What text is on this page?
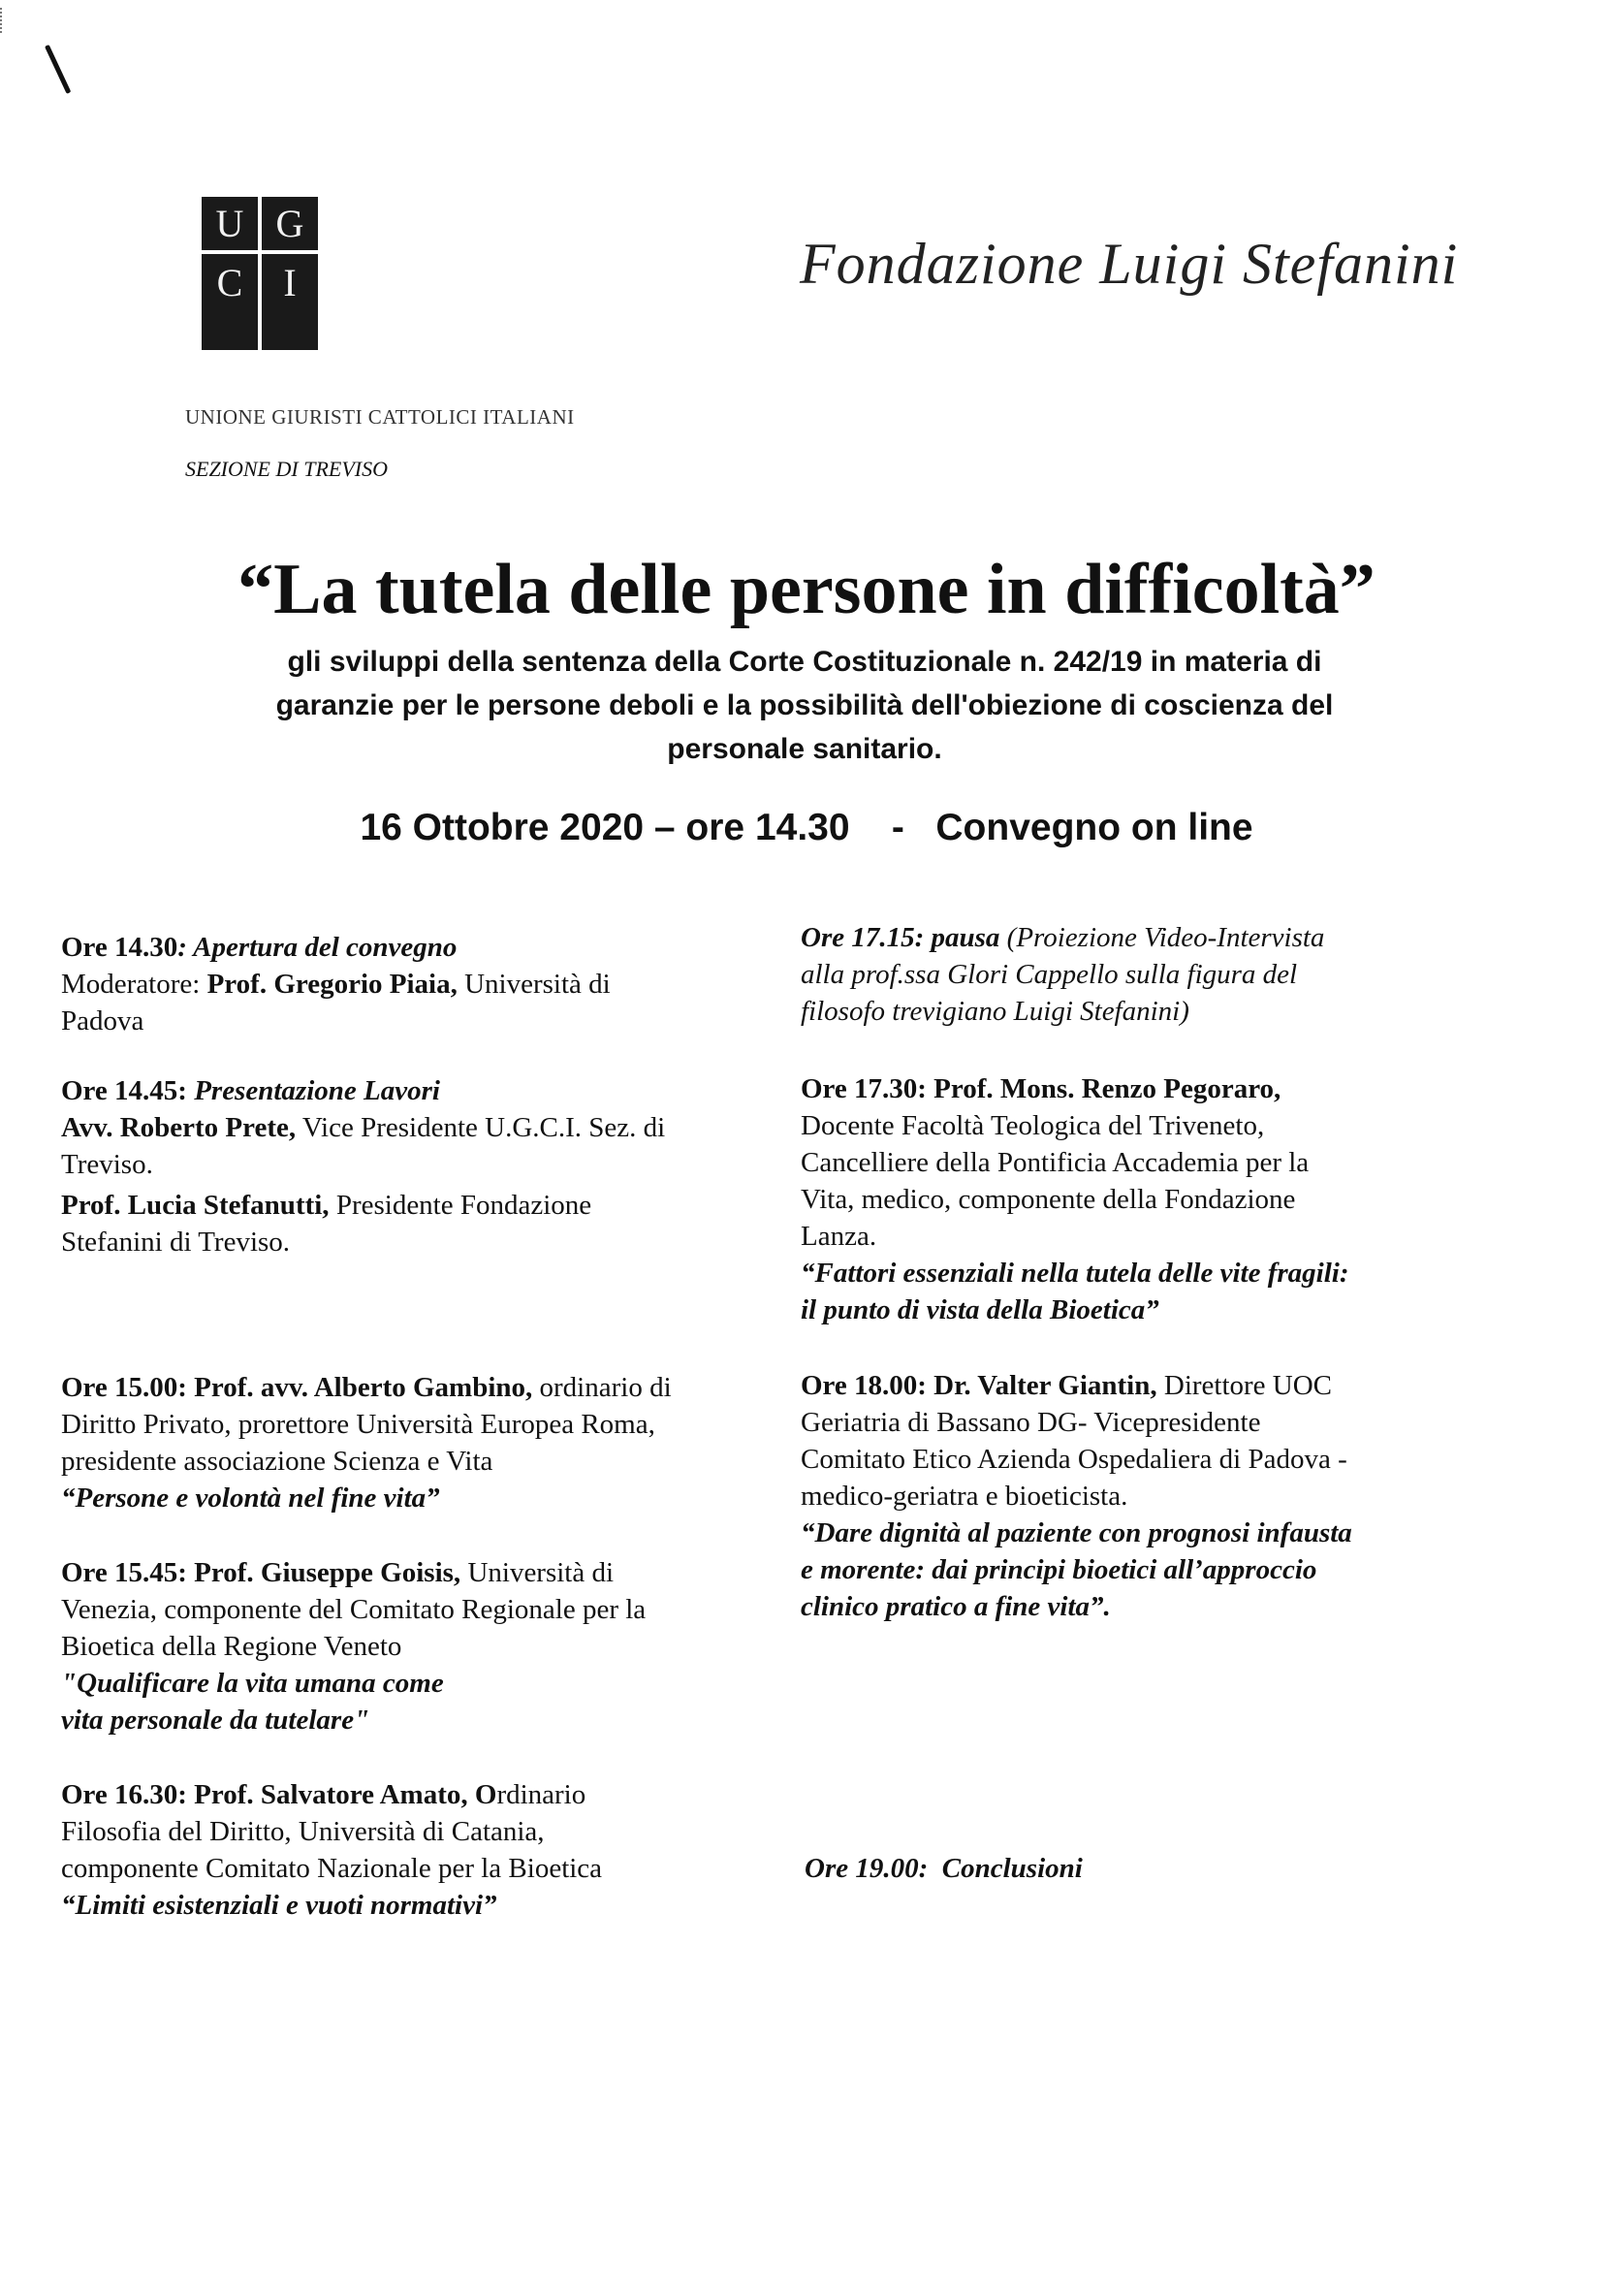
U G
C	I
UNIONE GIURISTI CATTOLICI ITALIANI
SEZIONE DI TREVISO
Fondazione Luigi Stefanini
“La tutela delle persone in difficoltà”
gli sviluppi della sentenza della Corte Costituzionale n. 242/19 in materia di
garanzie per le persone deboli e la possibilità dell'obiezione di coscienza del
personale sanitario.
16 Ottobre 2020 – ore 14.30    -   Convegno on line
Ore 14.30: Apertura del convegno
Moderatore: Prof. Gregorio Piaia, Università di
Padova
Ore 14.45: Presentazione Lavori
Avv. Roberto Prete, Vice Presidente U.G.C.I. Sez. di
Treviso.
Prof. Lucia Stefanutti, Presidente Fondazione
Stefanini di Treviso.
Ore 15.00: Prof. avv. Alberto Gambino, ordinario di
Diritto Privato, prorettore Università Europea Roma,
presidente associazione Scienza e Vita
“Persone e volontà nel fine vita”
Ore 15.45: Prof. Giuseppe Goisis, Università di
Venezia, componente del Comitato Regionale per la
Bioetica della Regione Veneto
"Qualificare la vita umana come
vita personale da tutelare"
Ore 16.30: Prof. Salvatore Amato, Ordinario
Filosofia del Diritto, Università di Catania,
componente Comitato Nazionale per la Bioetica
“Limiti esistenziali e vuoti normativi”
Ore 17.15: pausa (Proiezione Video-Intervista
alla prof.ssa Glori Cappello sulla figura del
filosofo trevigiano Luigi Stefanini)
Ore 17.30: Prof. Mons. Renzo Pegoraro,
Docente Facoltà Teologica del Triveneto,
Cancelliere della Pontificia Accademia per la
Vita, medico, componente della Fondazione
Lanza.
“Fattori essenziali nella tutela delle vite fragili:
il punto di vista della Bioetica”
Ore 18.00: Dr. Valter Giantin, Direttore UOC
Geriatria di Bassano DG- Vicepresidente
Comitato Etico Azienda Ospedaliera di Padova -
medico-geriatra e bioeticista.
“Dare dignità al paziente con prognosi infausta
e morente: dai principi bioetici all’approccio
clinico pratico a fine vita”.

Ore 19.00:  Conclusioni
